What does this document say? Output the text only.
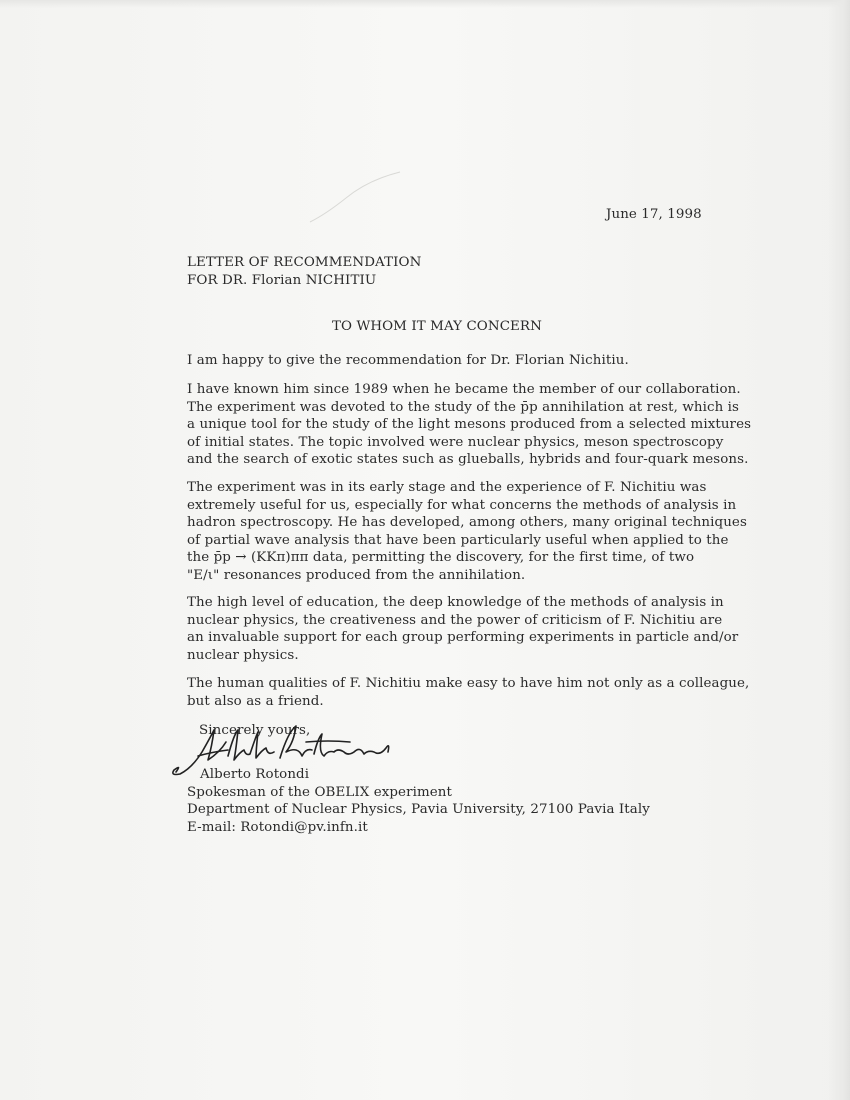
June 17, 1998
LETTER OF RECOMMENDATION
FOR DR. Florian NICHITIU
TO WHOM IT MAY CONCERN
I am happy to give the recommendation for Dr. Florian Nichitiu.
I have known him since 1989 when he became the member of our collaboration.
The experiment was devoted to the study of the p̄p annihilation at rest, which is
a unique tool for the study of the light mesons produced from a selected mixtures
of initial states. The topic involved were nuclear physics, meson spectroscopy
and the search of exotic states such as glueballs, hybrids and four-quark mesons.
The experiment was in its early stage and the experience of F. Nichitiu was
extremely useful for us, especially for what concerns the methods of analysis in
hadron spectroscopy. He has developed, among others, many original techniques
of partial wave analysis that have been particularly useful when applied to the
the p̄p → (KKπ)ππ data, permitting the discovery, for the first time, of two
"E/ι" resonances produced from the annihilation.
The high level of education, the deep knowledge of the methods of analysis in
nuclear physics, the creativeness and the power of criticism of F. Nichitiu are
an invaluable support for each group performing experiments in particle and/or
nuclear physics.
The human qualities of F. Nichitiu make easy to have him not only as a colleague,
but also as a friend.
Sincerely yours,
Alberto Rotondi
Spokesman of the OBELIX experiment
Department of Nuclear Physics, Pavia University, 27100 Pavia Italy
E-mail: Rotondi@pv.infn.it
